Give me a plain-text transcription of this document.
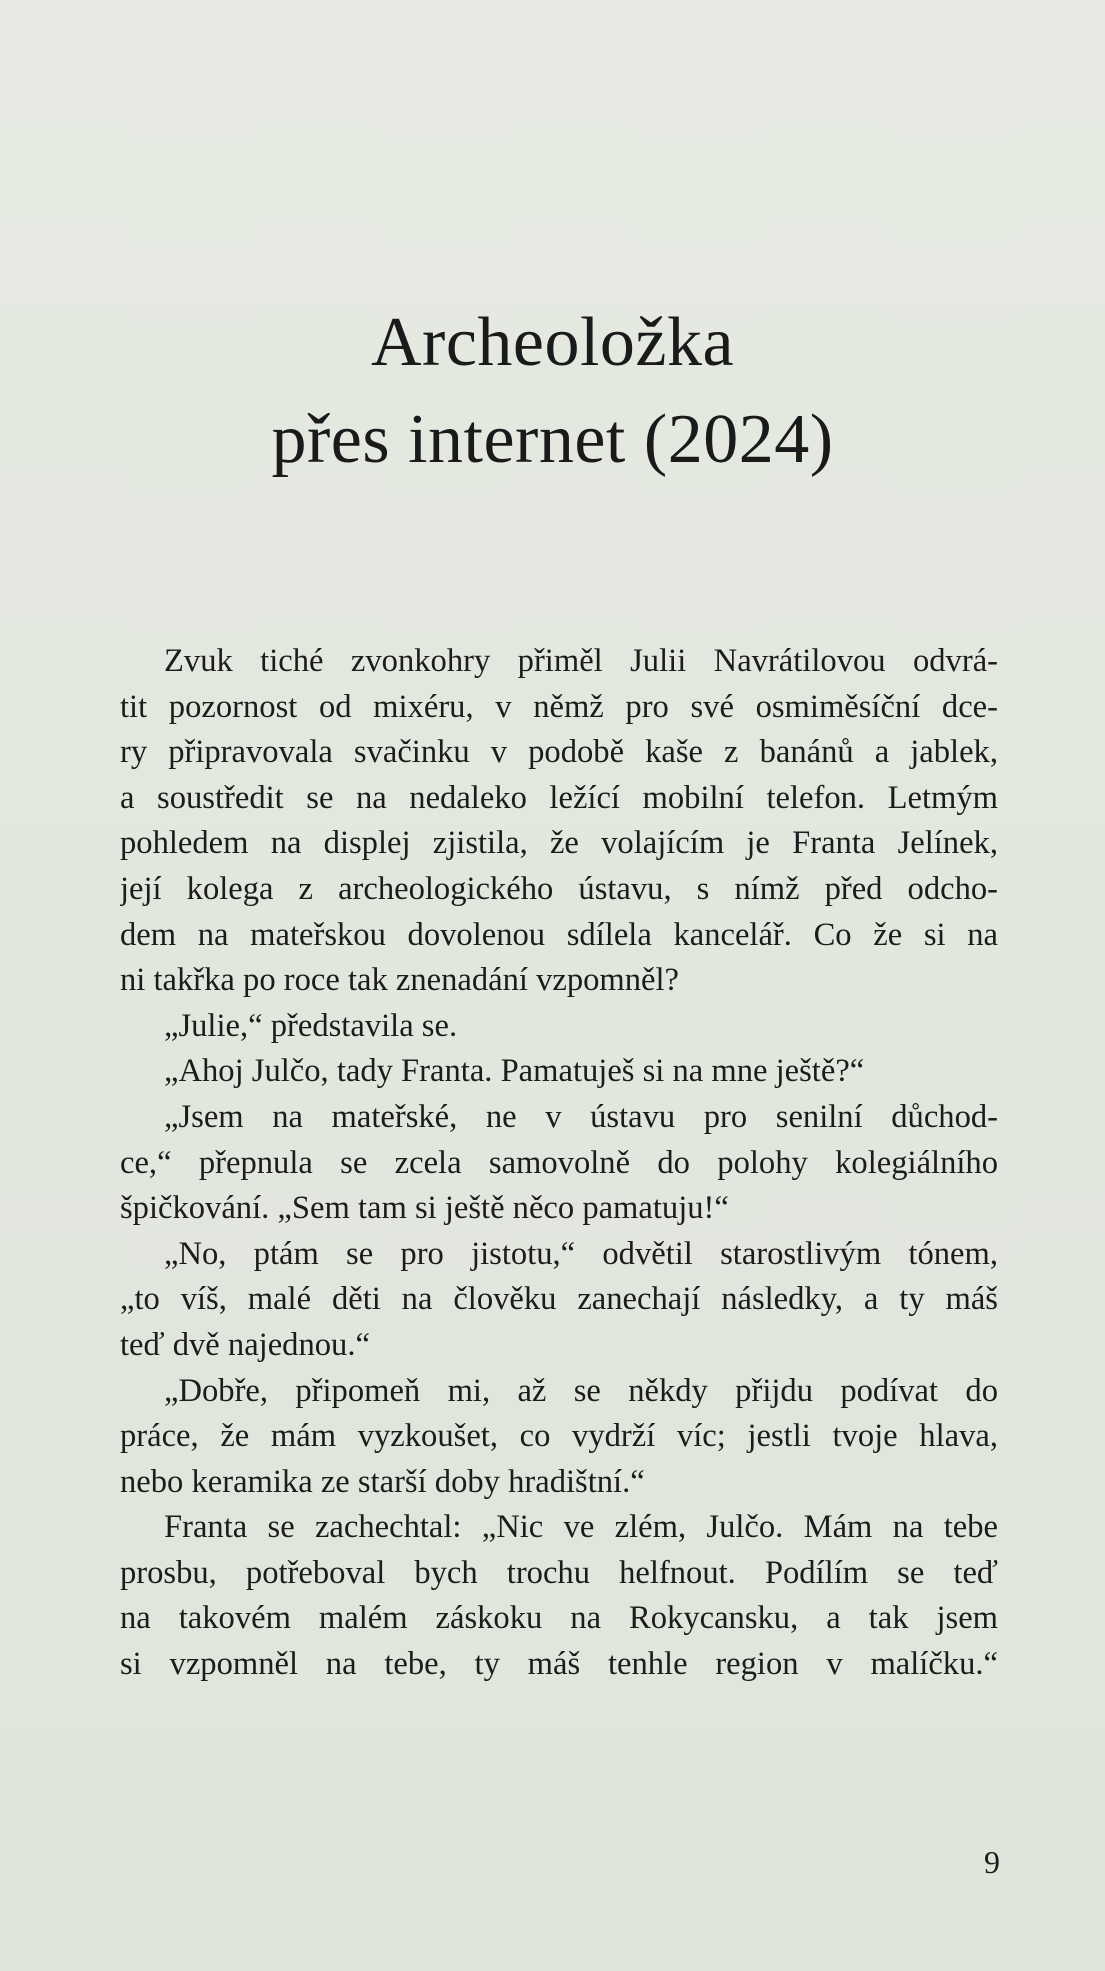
Archeoložka
přes internet (2024)
Zvuk tiché zvonkohry přiměl Julii Navrátilovou odvrá-
tit pozornost od mixéru, v němž pro své osmiměsíční dce-
ry připravovala svačinku v podobě kaše z banánů a jablek,
a soustředit se na nedaleko ležící mobilní telefon. Letmým
pohledem na displej zjistila, že volajícím je Franta Jelínek,
její kolega z archeologického ústavu, s nímž před odcho-
dem na mateřskou dovolenou sdílela kancelář. Co že si na
ni takřka po roce tak znenadání vzpomněl?
„Julie,“ představila se.
„Ahoj Julčo, tady Franta. Pamatuješ si na mne ještě?“
„Jsem na mateřské, ne v ústavu pro senilní důchod-
ce,“ přepnula se zcela samovolně do polohy kolegiálního
špičkování. „Sem tam si ještě něco pamatuju!“
„No, ptám se pro jistotu,“ odvětil starostlivým tónem,
„to víš, malé děti na člověku zanechají následky, a ty máš
teď dvě najednou.“
„Dobře, připomeň mi, až se někdy přijdu podívat do
práce, že mám vyzkoušet, co vydrží víc; jestli tvoje hlava,
nebo keramika ze starší doby hradištní.“
Franta se zachechtal: „Nic ve zlém, Julčo. Mám na tebe
prosbu, potřeboval bych trochu helfnout. Podílím se teď
na takovém malém záskoku na Rokycansku, a tak jsem
si vzpomněl na tebe, ty máš tenhle region v malíčku.“
9
